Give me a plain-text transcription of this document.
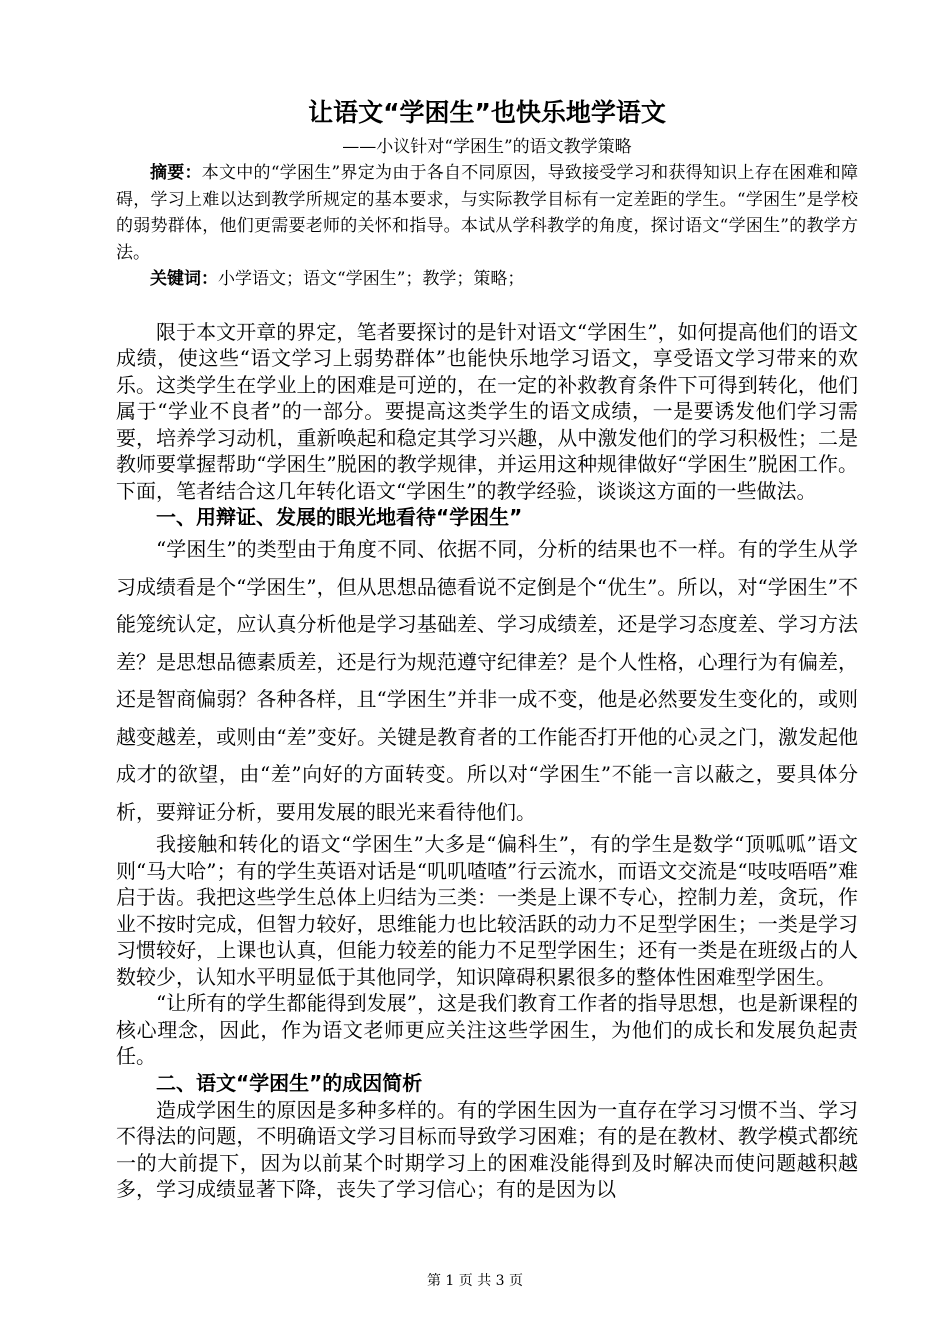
让语文“学困生”也快乐地学语文
——小议针对“学困生”的语文教学策略

摘要：本文中的“学困生”界定为由于各自不同原因，导致接受学习和获得知识上存在困难和障碍，学习上难以达到教学所规定的基本要求，与实际教学目标有一定差距的学生。“学困生”是学校的弱势群体，他们更需要老师的关怀和指导。本试从学科教学的角度，探讨语文“学困生”的教学方法。

关键词：小学语文；语文“学困生”；教学；策略；

限于本文开章的界定，笔者要探讨的是针对语文“学困生”，如何提高他们的语文成绩，使这些“语文学习上弱势群体”也能快乐地学习语文，享受语文学习带来的欢乐。这类学生在学业上的困难是可逆的，在一定的补救教育条件下可得到转化，他们属于“学业不良者”的一部分。要提高这类学生的语文成绩，一是要诱发他们学习需要，培养学习动机，重新唤起和稳定其学习兴趣，从中激发他们的学习积极性；二是教师要掌握帮助“学困生”脱困的教学规律，并运用这种规律做好“学困生”脱困工作。下面，笔者结合这几年转化语文“学困生”的教学经验，谈谈这方面的一些做法。

一、用辩证、发展的眼光地看待“学困生”

“学困生”的类型由于角度不同、依据不同，分析的结果也不一样。有的学生从学习成绩看是个“学困生”，但从思想品德看说不定倒是个“优生”。所以，对“学困生”不能笼统认定，应认真分析他是学习基础差、学习成绩差，还是学习态度差、学习方法差？是思想品德素质差，还是行为规范遵守纪律差？是个人性格，心理行为有偏差，还是智商偏弱？各种各样，且“学困生”并非一成不变，他是必然要发生变化的，或则越变越差，或则由“差”变好。关键是教育者的工作能否打开他的心灵之门，激发起他成才的欲望，由“差”向好的方面转变。所以对“学困生”不能一言以蔽之，要具体分析，要辩证分析，要用发展的眼光来看待他们。

我接触和转化的语文“学困生”大多是“偏科生”，有的学生是数学“顶呱呱”语文则“马大哈”；有的学生英语对话是“叽叽喳喳”行云流水，而语文交流是“吱吱唔唔”难启于齿。我把这些学生总体上归结为三类：一类是上课不专心，控制力差，贪玩，作业不按时完成，但智力较好，思维能力也比较活跃的动力不足型学困生；一类是学习习惯较好，上课也认真，但能力较差的能力不足型学困生；还有一类是在班级占的人数较少，认知水平明显低于其他同学，知识障碍积累很多的整体性困难型学困生。

“让所有的学生都能得到发展”，这是我们教育工作者的指导思想，也是新课程的核心理念，因此，作为语文老师更应关注这些学困生，为他们的成长和发展负起责任。

二、语文“学困生”的成因简析

造成学困生的原因是多种多样的。有的学困生因为一直存在学习习惯不当、学习不得法的问题，不明确语文学习目标而导致学习困难；有的是在教材、教学模式都统一的大前提下，因为以前某个时期学习上的困难没能得到及时解决而使问题越积越多，学习成绩显著下降，丧失了学习信心；有的是因为以

第 1 页 共 3 页
